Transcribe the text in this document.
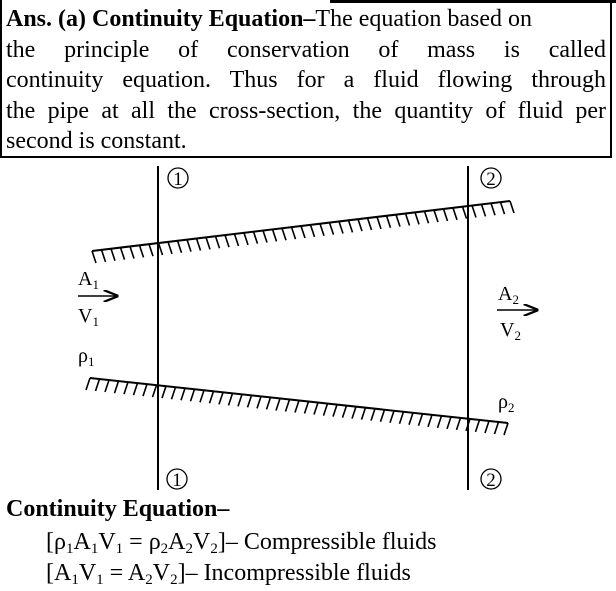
Ans. (a) Continuity Equation–The equation based on
the principle of conservation of mass is called
continuity equation. Thus for a fluid flowing through
the pipe at all the cross-section, the quantity of fluid per
second is constant.
1	2
1	2
$A_1$
$V_1$
$\rho_1$
$A_2$
$V_2$
$\rho_2$
Continuity Equation–
$[\rho_1A_1V_1 = \rho_2A_2V_2]-$ Compressible fluids
$[A_1V_1 = A_2V_2]-$ Incompressible fluids
